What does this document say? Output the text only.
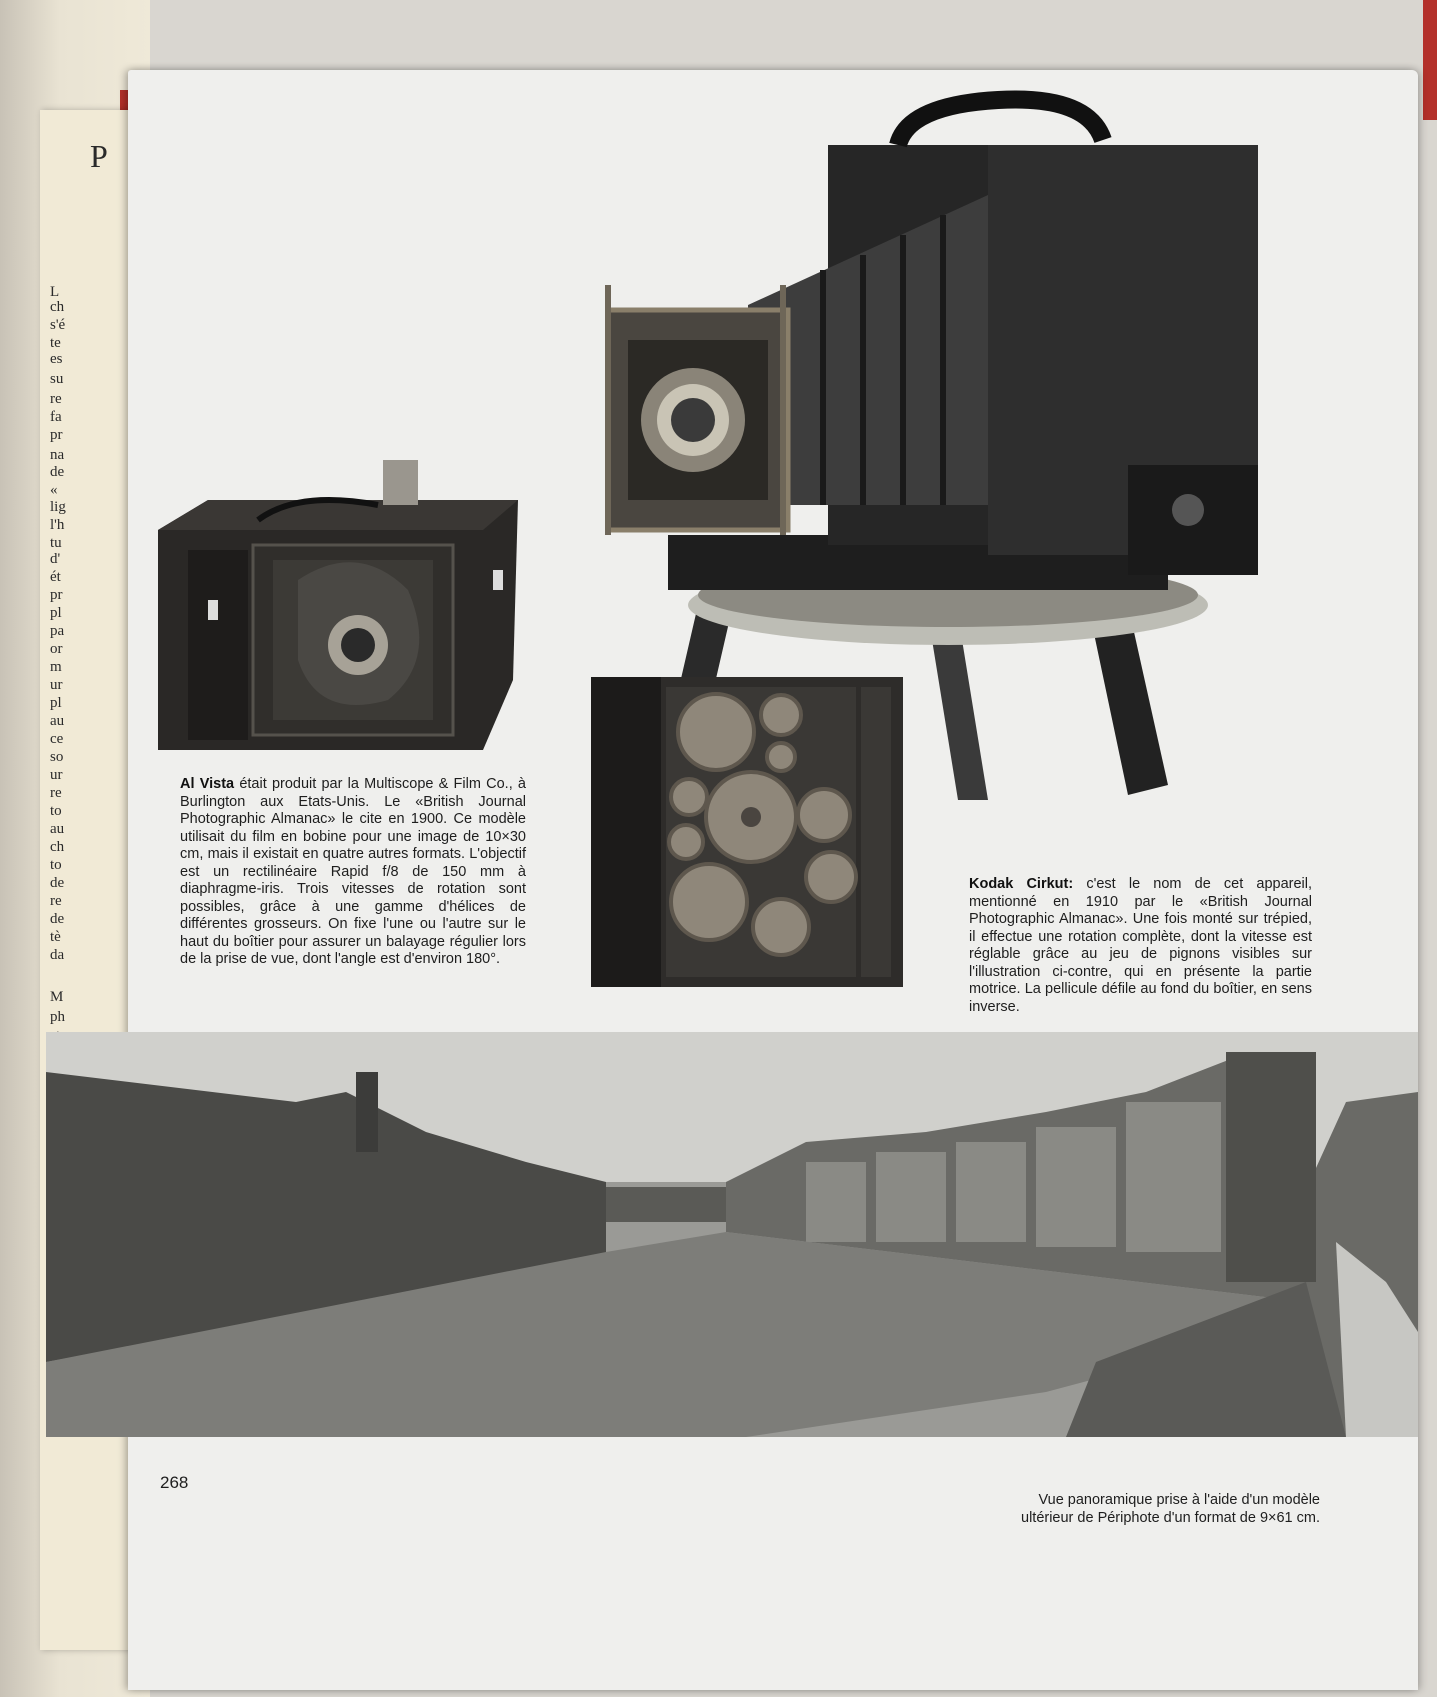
P
L
ch
s'é
te
es
su
re
fa
pr
na
de
«
lig
l'h
tu
d'
ét
pr
pl
pa
or
m
ur
pl
au
ce
so
ur
re
to
au
ch
to
de
re
de
tè
da
M
ph
Al Vista était produit par la Multiscope & Film Co., à Burlington aux Etats-Unis. Le «British Journal Photographic Almanac» le cite en 1900. Ce modèle utilisait du film en bobine pour une image de 10×30 cm, mais il existait en quatre autres formats. L'objectif est un rectilinéaire Rapid f/8 de 150 mm à diaphragme-iris. Trois vitesses de rotation sont possibles, grâce à une gamme d'hélices de différentes grosseurs. On fixe l'une ou l'autre sur le haut du boîtier pour assurer un balayage régulier lors de la prise de vue, dont l'angle est d'environ 180°.
Kodak Cirkut: c'est le nom de cet appareil, mentionné en 1910 par le «British Journal Photographic Almanac». Une fois monté sur trépied, il effectue une rotation complète, dont la vitesse est réglable grâce au jeu de pignons visibles sur l'illustration ci-contre, qui en présente la partie motrice. La pellicule défile au fond du boîtier, en sens inverse.
268
Vue panoramique prise à l'aide d'un modèle
ultérieur de Périphote d'un format de 9×61 cm.
